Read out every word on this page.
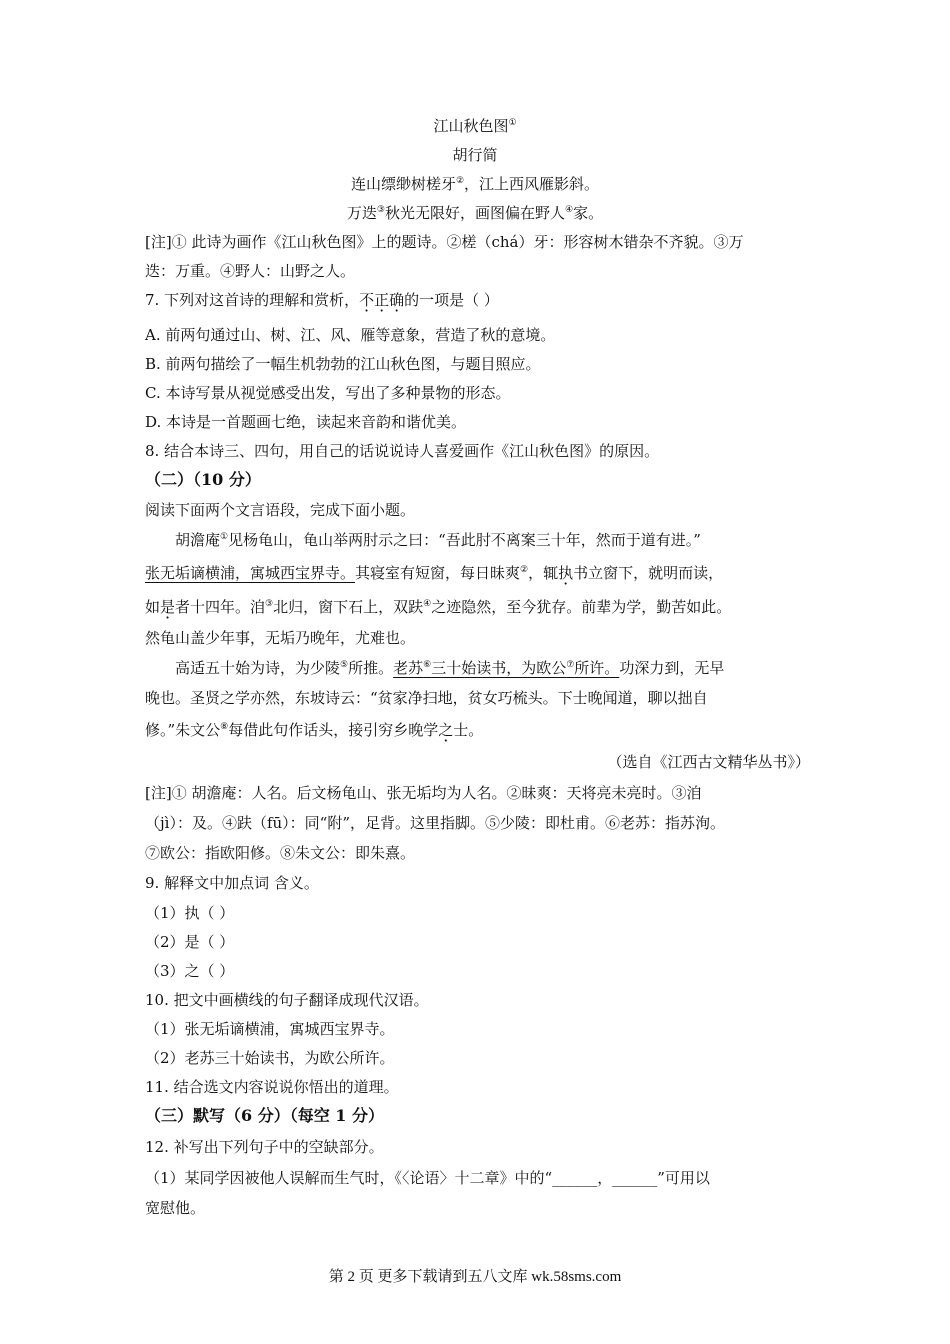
江山秋色图①
胡行简
连山缥缈树槎牙②，江上西风雁影斜。
万迭③秋光无限好，画图偏在野人④家。
[注]① 此诗为画作《江山秋色图》上的题诗。②槎（chá）牙：形容树木错杂不齐貌。③万
迭：万重。④野人：山野之人。
7. 下列对这首诗的理解和赏析，不正确的一项是（ ）
A. 前两句通过山、树、江、风、雁等意象，营造了秋的意境。
B. 前两句描绘了一幅生机勃勃的江山秋色图，与题目照应。
C. 本诗写景从视觉感受出发，写出了多种景物的形态。
D. 本诗是一首题画七绝，读起来音韵和谐优美。
8. 结合本诗三、四句，用自己的话说说诗人喜爱画作《江山秋色图》的原因。
（二）（10 分）
阅读下面两个文言语段，完成下面小题。
胡澹庵①见杨龟山，龟山举两肘示之曰：“吾此肘不离案三十年，然而于道有进。”
张无垢谪横浦，寓城西宝界寺。其寝室有短窗，每日昧爽②，辄执书立窗下，就明而读，
如是者十四年。洎③北归，窗下石上，双趺④之迹隐然，至今犹存。前辈为学，勤苦如此。
然龟山盖少年事，无垢乃晚年，尤难也。
高适五十始为诗，为少陵⑤所推。老苏⑥三十始读书，为欧公⑦所许。功深力到，无早
晚也。圣贤之学亦然，东坡诗云：“贫家净扫地，贫女巧梳头。下士晚闻道，聊以拙自
修。”朱文公⑧每借此句作话头，接引穷乡晚学之士。
（选自《江西古文精华丛书》）
[注]① 胡澹庵：人名。后文杨龟山、张无垢均为人名。②昧爽：天将亮未亮时。③洎
（jì）：及。④趺（fū）：同“附”，足背。这里指脚。⑤少陵：即杜甫。⑥老苏：指苏洵。
⑦欧公：指欧阳修。⑧朱文公：即朱熹。
9. 解释文中加点词 含义。
（1）执（ ）
（2）是（ ）
（3）之（ ）
10. 把文中画横线的句子翻译成现代汉语。
（1）张无垢谪横浦，寓城西宝界寺。
（2）老苏三十始读书，为欧公所许。
11. 结合选文内容说说你悟出的道理。
（三）默写（6 分）（每空 1 分）
12. 补写出下列句子中的空缺部分。
（1）某同学因被他人误解而生气时，《〈论语〉十二章》中的“______，______”可用以
宽慰他。
第 2 页 更多下载请到五八文库 wk.58sms.com
